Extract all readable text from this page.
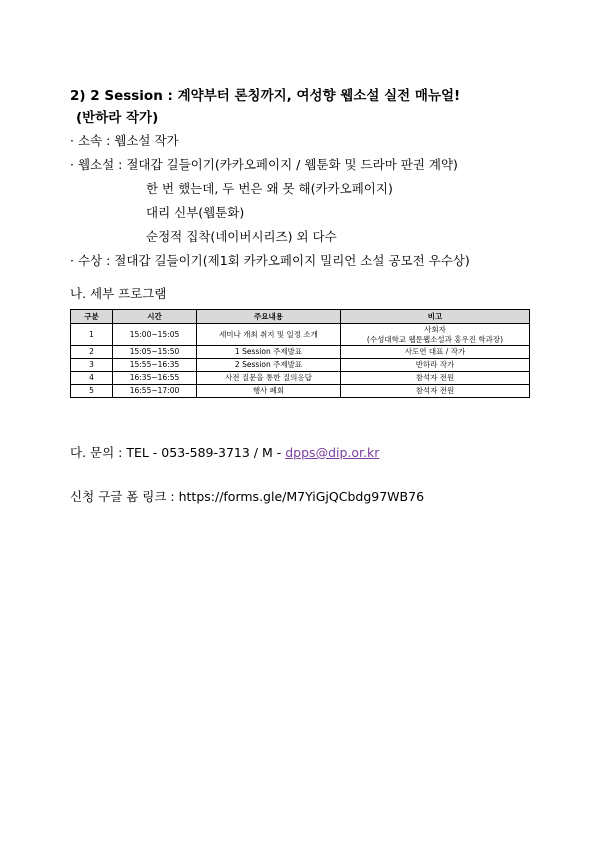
2) 2 Session : 계약부터 론칭까지, 여성향 웹소설 실전 매뉴얼!
(반하라 작가)
· 소속 : 웹소설 작가
· 웹소설 : 절대갑 길들이기(카카오페이지 / 웹툰화 및 드라마 판권 계약)
한 번 했는데, 두 번은 왜 못 해(카카오페이지)
대리 신부(웹툰화)
순정적 집착(네이버시리즈) 외 다수
· 수상 : 절대갑 길들이기(제1회 카카오페이지 밀리언 소설 공모전 우수상)
나. 세부 프로그램
구분	시간	주요내용	비고
1	15:00~15:05	세미나 개최 취지 및 일정 소개	사회자
(수성대학교 웹툰웹소설과 홍우진 학과장)

2	15:05~15:50	1 Session 주제발표	사도연 대표 / 작가
3	15:55~16:35	2 Session 주제발표	반하라 작가
4	16:35~16:55	사전 질문을 통한 질의응답	참석자 전원
5	16:55~17:00	행사 폐회	참석자 전원
다. 문의 : TEL - 053-589-3713 / M - dpps@dip.or.kr
신청 구글 폼 링크 : https://forms.gle/M7YiGjQCbdg97WB76
